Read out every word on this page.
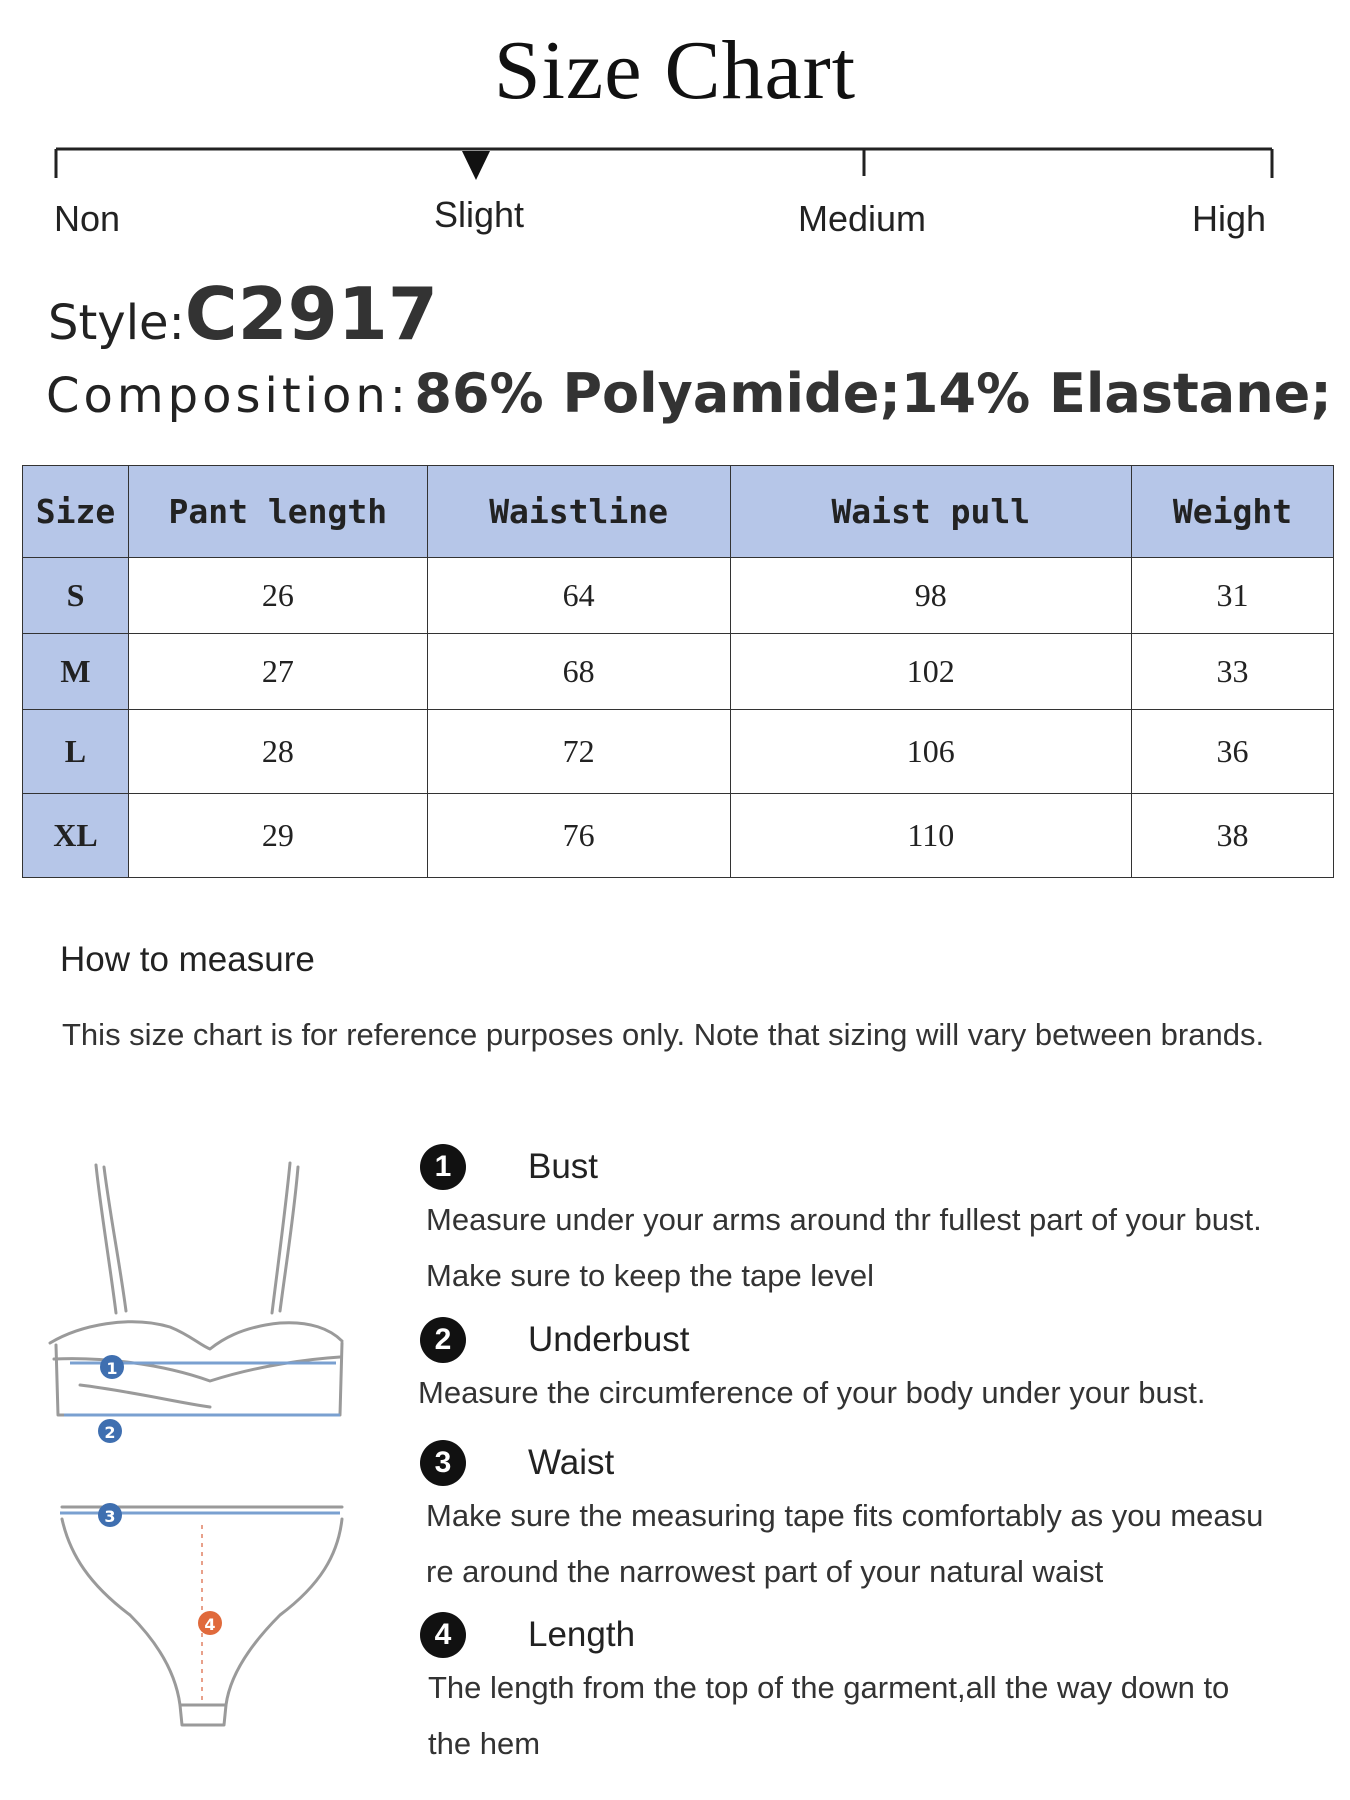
Size Chart
Non	Slight	Medium	High
Style:C2917
Composition: 86% Polyamide;14% Elastane;
Size	Pant length	Waistline	Waist pull	Weight
S	26	64	98	31
M	27	68	102	33
L	28	72	106	36
XL	29	76	110	38
How to measure
This size chart is for reference purposes only. Note that sizing will vary between brands.
1
2
3
4
1	Bust
Measure under your arms around thr fullest part of your bust.
Make sure to keep the tape level
2	Underbust
Measure the circumference of your body under your bust.
3	Waist
Make sure the measuring tape fits comfortably as you measu
re around the narrowest part of your natural waist
4	Length
The length from the top of the garment,all the way down to
the hem
